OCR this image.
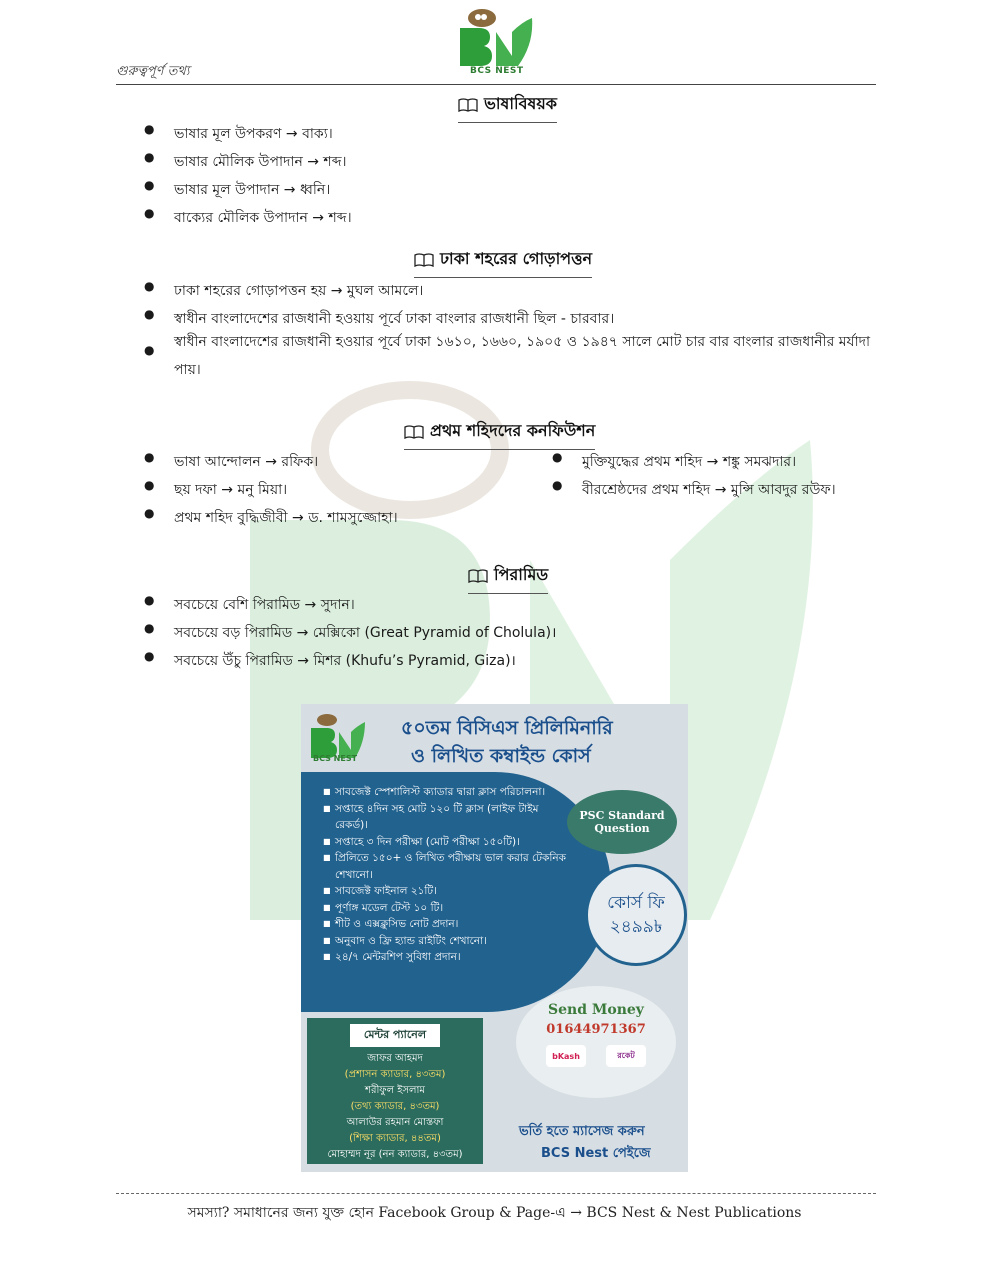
গুরুত্বপূর্ণ তথ্য	BCS NEST
ভাষাবিষয়ক
● ভাষার মূল উপকরণ → বাক্য।
● ভাষার মৌলিক উপাদান → শব্দ।
● ভাষার মূল উপাদান → ধ্বনি।
● বাক্যের মৌলিক উপাদান → শব্দ।
ঢাকা শহরের গোড়াপত্তন
● ঢাকা শহরের গোড়াপত্তন হয় → মুঘল আমলে।
● স্বাধীন বাংলাদেশের রাজধানী হওয়ায় পূর্বে ঢাকা বাংলার রাজধানী ছিল - চারবার।
● স্বাধীন বাংলাদেশের রাজধানী হওয়ার পূর্বে ঢাকা ১৬১০, ১৬৬০, ১৯০৫ ও ১৯৪৭ সালে মোট চার বার বাংলার রাজধানীর মর্যাদা পায়।
প্রথম শহিদদের কনফিউশন
● ভাষা আন্দোলন → রফিক।
● ছয় দফা → মনু মিয়া।
● প্রথম শহিদ বুদ্ধিজীবী → ড. শামসুজ্জোহা।
● মুক্তিযুদ্ধের প্রথম শহিদ → শঙ্কু সমঝদার।
● বীরশ্রেষ্ঠদের প্রথম শহিদ → মুন্সি আবদুর রউফ।
পিরামিড
● সবচেয়ে বেশি পিরামিড → সুদান।
● সবচেয়ে বড় পিরামিড → মেক্সিকো (Great Pyramid of Cholula)।
● সবচেয়ে উঁচু পিরামিড → মিশর (Khufu’s Pyramid, Giza)।
BCS NEST
৫০তম বিসিএস প্রিলিমিনারি
ও লিখিত কম্বাইন্ড কোর্স
■ সাবজেক্ট স্পেশালিস্ট ক্যাডার দ্বারা ক্লাস পরিচালনা।
■ সপ্তাহে ৪দিন সহ মোট ১২০ টি ক্লাস (লাইফ টাইম রেকর্ড)।
■ সপ্তাহে ৩ দিন পরীক্ষা (মোট পরীক্ষা ১৫০টি)।
■ প্রিলিতে ১৫০+ ও লিখিত পরীক্ষায় ভাল করার টেকনিক শেখানো।
■ সাবজেক্ট ফাইনাল ২১টি।
■ পূর্ণাঙ্গ মডেল টেস্ট ১০ টি।
■ শীট ও এক্সক্লুসিভ নোট প্রদান।
■ অনুবাদ ও ফ্রি হ্যান্ড রাইটিং শেখানো।
■ ২৪/৭ মেন্টরশিপ সুবিধা প্রদান।
PSC Standard
Question
কোর্স ফি
২৪৯৯৳
মেন্টর প্যানেল
জাফর আহমদ
(প্রশাসন ক্যাডার, ৪৩তম)
শরীফুল ইসলাম
(তথ্য ক্যাডার, ৪৩তম)
আলাউর রহমান মোস্তফা
(শিক্ষা ক্যাডার, ৪৪তম)
মোহাম্মদ নূর (নন ক্যাডার, ৪৩তম)
Send Money
01644971367
bKash	রকেট
ভর্তি হতে ম্যাসেজ করুন
BCS Nest পেইজে
সমস্যা? সমাধানের জন্য যুক্ত হোন Facebook Group & Page-এ → BCS Nest & Nest Publications
